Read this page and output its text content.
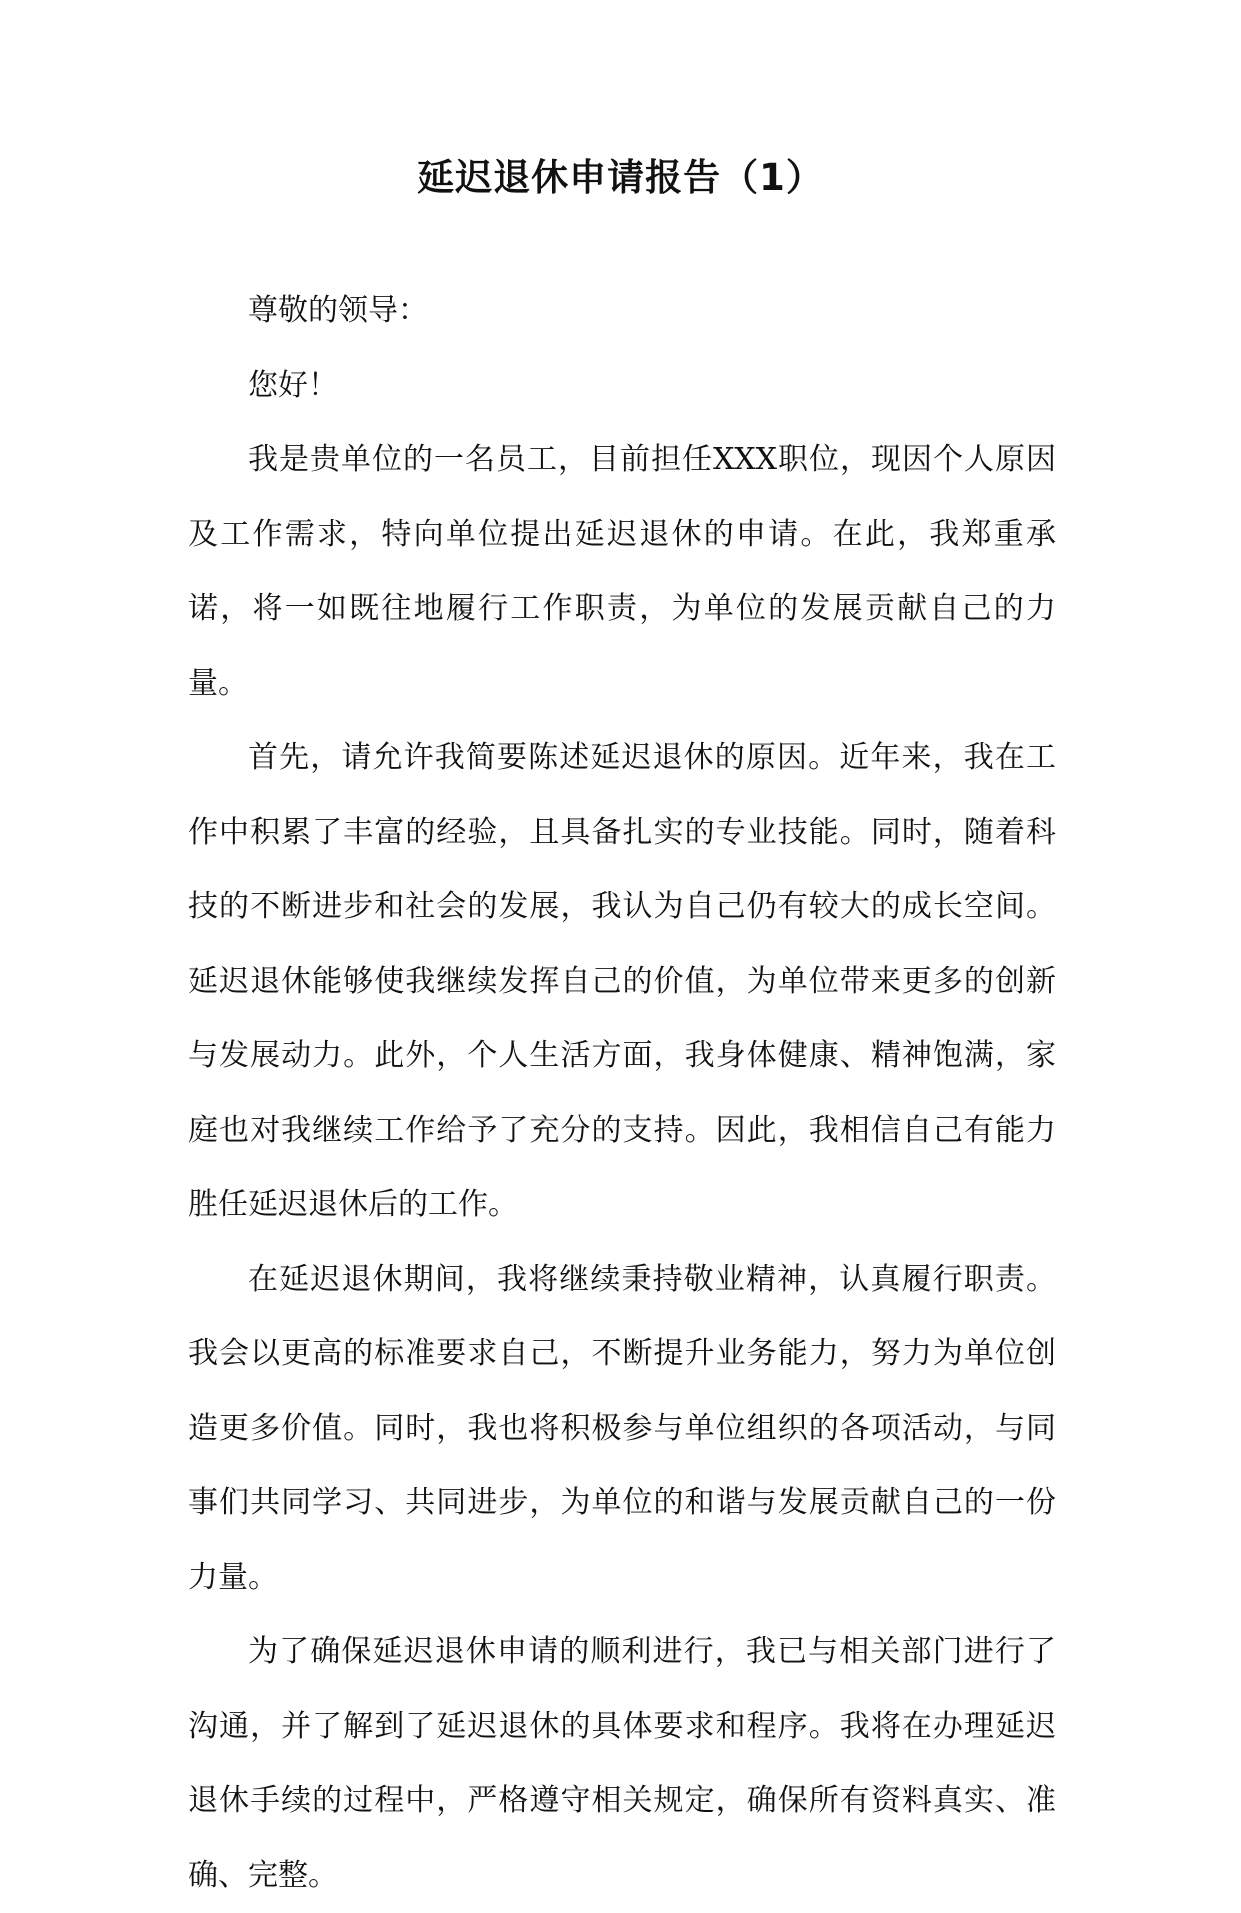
延迟退休申请报告（1）

尊敬的领导：

您好！

我是贵单位的一名员工，目前担任XXX职位，现因个人原因及工作需求，特向单位提出延迟退休的申请。在此，我郑重承诺，将一如既往地履行工作职责，为单位的发展贡献自己的力量。

首先，请允许我简要陈述延迟退休的原因。近年来，我在工作中积累了丰富的经验，且具备扎实的专业技能。同时，随着科技的不断进步和社会的发展，我认为自己仍有较大的成长空间。延迟退休能够使我继续发挥自己的价值，为单位带来更多的创新与发展动力。此外，个人生活方面，我身体健康、精神饱满，家庭也对我继续工作给予了充分的支持。因此，我相信自己有能力胜任延迟退休后的工作。

在延迟退休期间，我将继续秉持敬业精神，认真履行职责。我会以更高的标准要求自己，不断提升业务能力，努力为单位创造更多价值。同时，我也将积极参与单位组织的各项活动，与同事们共同学习、共同进步，为单位的和谐与发展贡献自己的一份力量。

为了确保延迟退休申请的顺利进行，我已与相关部门进行了沟通，并了解到了延迟退休的具体要求和程序。我将在办理延迟退休手续的过程中，严格遵守相关规定，确保所有资料真实、准确、完整。
